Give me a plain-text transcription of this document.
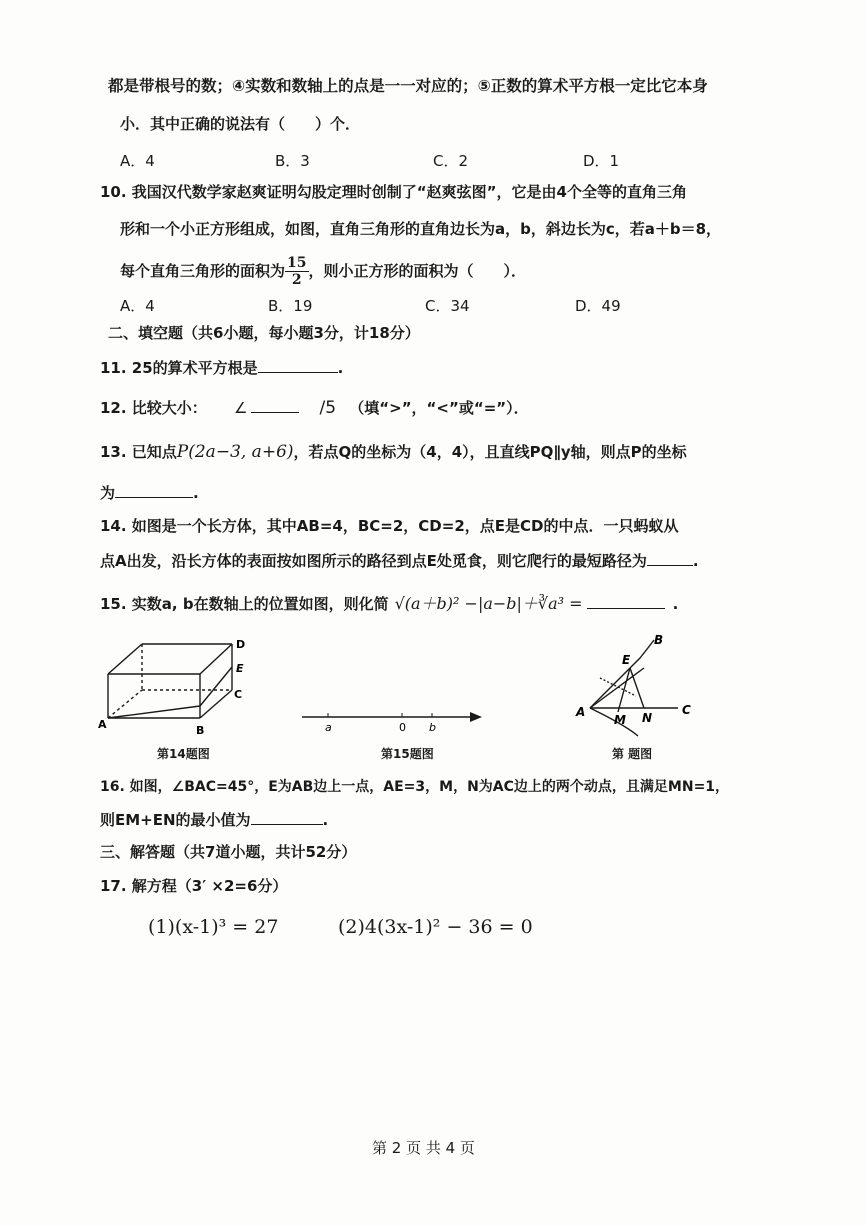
都是带根号的数；④实数和数轴上的点是一一对应的；⑤正数的算术平方根一定比它本身
小．其中正确的说法有（　　）个．
A．4	B．3	C．2	D．1
10. 我国汉代数学家赵爽证明勾股定理时创制了“赵爽弦图”，它是由4个全等的直角三角
形和一个小正方形组成，如图，直角三角形的直角边长为a，b，斜边长为c，若a＋b＝8，
每个直角三角形的面积为 $\frac{15}{2}$ ，则小正方形的面积为（　　）．
A．4	B．19	C．34	D．49
二、填空题（共6小题，每小题3分，计18分）
11. 25的算术平方根是	.
12. 比较大小： ∠	/5 （填“>”，“<”或“=”）．
13. 已知点P(2a−3, a+6)，若点Q的坐标为（4，4），且直线PQ∥y轴，则点P的坐标
为	.
14. 如图是一个长方体，其中AB=4，BC=2，CD=2，点E是CD的中点．一只蚂蚁从
点A出发，沿长方体的表面按如图所示的路径到点E处觅食，则它爬行的最短路径为	.
15. 实数a, b在数轴上的位置如图，则化简 √(a＋b)² −|a−b|＋∛a³ =	.
A	B
C
D
E
第14题图
a	0 b
第15题图
B
E
A
M N
C
第 题图
16. 如图，∠BAC=45°，E为AB边上一点，AE=3，M，N为AC边上的两个动点，且满足MN=1，
则EM+EN的最小值为	.
三、解答题（共7道小题，共计52分）
17. 解方程（3′ ×2=6分）
(1)(x-1)³ = 27	(2)4(3x-1)² − 36 = 0
第 2 页 共 4 页
